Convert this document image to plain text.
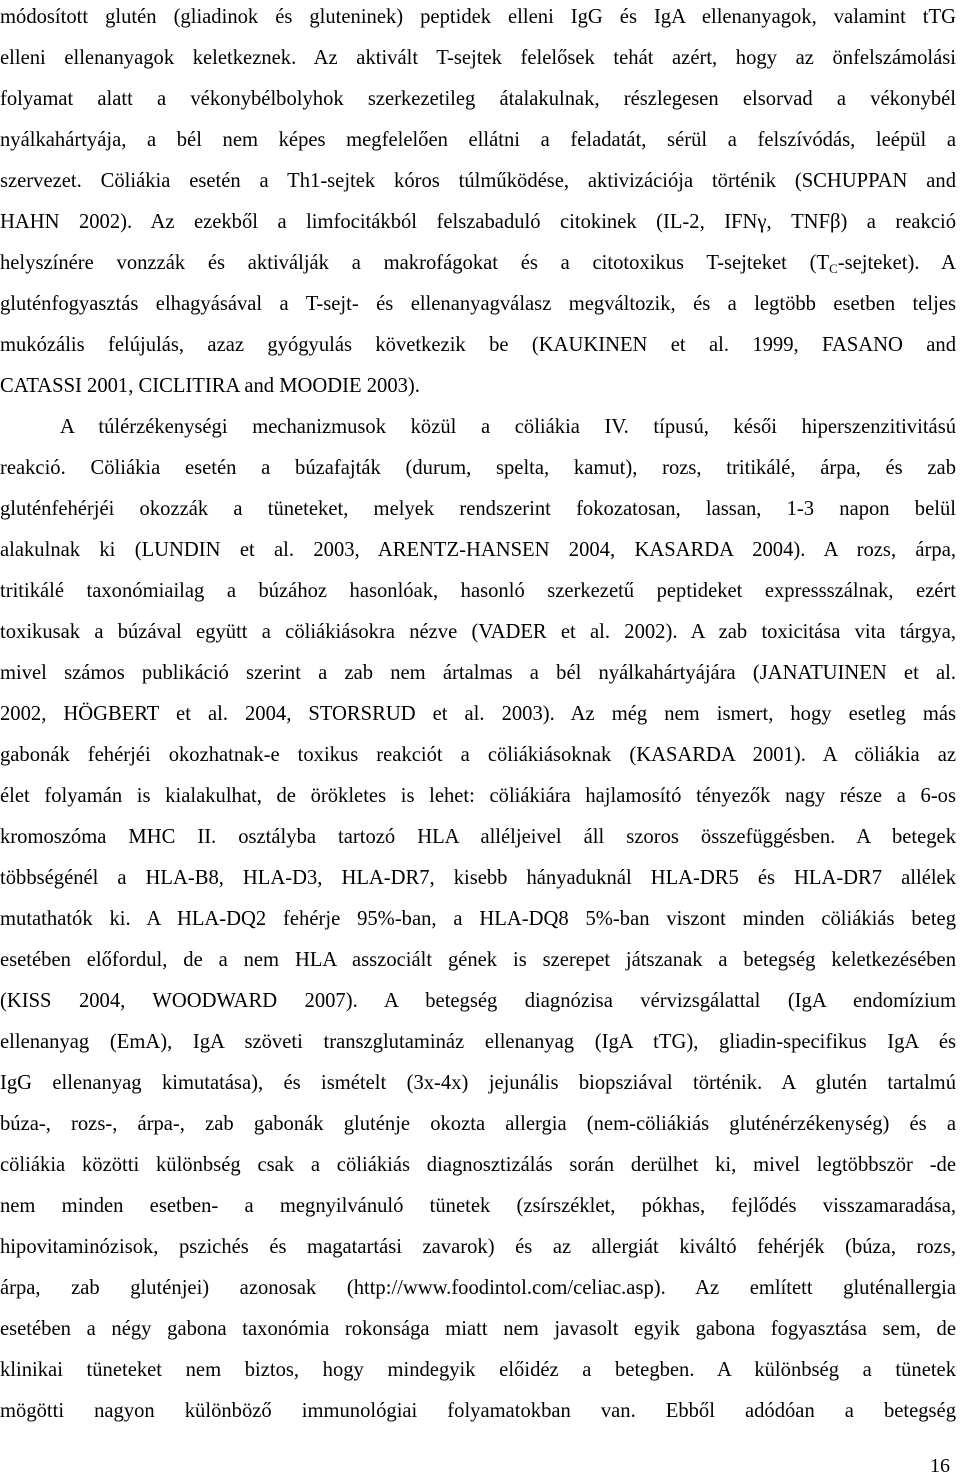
módosított glutén (gliadinok és gluteninek) peptidek elleni IgG és IgA ellenanyagok, valamint tTG
elleni ellenanyagok keletkeznek. Az aktivált T-sejtek felelősek tehát azért, hogy az önfelszámolási
folyamat alatt a vékonybélbolyhok szerkezetileg átalakulnak, részlegesen elsorvad a vékonybél
nyálkahártyája, a bél nem képes megfelelően ellátni a feladatát, sérül a felszívódás, leépül a
szervezet. Cöliákia esetén a Th1-sejtek kóros túlműködése, aktivizációja történik (SCHUPPAN and
HAHN 2002). Az ezekből a limfocitákból felszabaduló citokinek (IL-2, IFNγ, TNFβ) a reakció
helyszínére vonzzák és aktiválják a makrofágokat és a citotoxikus T-sejteket $(T_C-sejteket)$. A
gluténfogyasztás elhagyásával a T-sejt- és ellenanyagválasz megváltozik, és a legtöbb esetben teljes
mukózális felújulás, azaz gyógyulás következik be (KAUKINEN et al. 1999, FASANO and
CATASSI 2001, CICLITIRA and MOODIE 2003).
A túlérzékenységi mechanizmusok közül a cöliákia IV. típusú, késői hiperszenzitivitású
reakció. Cöliákia esetén a búzafajták (durum, spelta, kamut), rozs, tritikálé, árpa, és zab
gluténfehérjéi okozzák a tüneteket, melyek rendszerint fokozatosan, lassan, 1-3 napon belül
alakulnak ki (LUNDIN et al. 2003, ARENTZ-HANSEN 2004, KASARDA 2004). A rozs, árpa,
tritikálé taxonómiailag a búzához hasonlóak, hasonló szerkezetű peptideket expressszálnak, ezért
toxikusak a búzával együtt a cöliákiásokra nézve (VADER et al. 2002). A zab toxicitása vita tárgya,
mivel számos publikáció szerint a zab nem ártalmas a bél nyálkahártyájára (JANATUINEN et al.
2002, HÖGBERT et al. 2004, STORSRUD et al. 2003). Az még nem ismert, hogy esetleg más
gabonák fehérjéi okozhatnak-e toxikus reakciót a cöliákiásoknak (KASARDA 2001). A cöliákia az
élet folyamán is kialakulhat, de örökletes is lehet: cöliákiára hajlamosító tényezők nagy része a 6-os
kromoszóma MHC II. osztályba tartozó HLA alléljeivel áll szoros összefüggésben. A betegek
többségénél a HLA-B8, HLA-D3, HLA-DR7, kisebb hányaduknál HLA-DR5 és HLA-DR7 allélek
mutathatók ki. A HLA-DQ2 fehérje 95%-ban, a HLA-DQ8 5%-ban viszont minden cöliákiás beteg
esetében előfordul, de a nem HLA asszociált gének is szerepet játszanak a betegség keletkezésében
(KISS 2004, WOODWARD 2007). A betegség diagnózisa vérvizsgálattal (IgA endomízium
ellenanyag (EmA), IgA szöveti transzglutamináz ellenanyag (IgA tTG), gliadin-specifikus IgA és
IgG ellenanyag kimutatása), és ismételt (3x-4x) jejunális biopsziával történik. A glutén tartalmú
búza-, rozs-, árpa-, zab gabonák gluténje okozta allergia (nem-cöliákiás gluténérzékenység) és a
cöliákia közötti különbség csak a cöliákiás diagnosztizálás során derülhet ki, mivel legtöbbször -de
nem minden esetben- a megnyilvánuló tünetek (zsírszéklet, pókhas, fejlődés visszamaradása,
hipovitaminózisok, pszichés és magatartási zavarok) és az allergiát kiváltó fehérjék (búza, rozs,
árpa, zab gluténjei) azonosak (http://www.foodintol.com/celiac.asp). Az említett gluténallergia
esetében a négy gabona taxonómia rokonsága miatt nem javasolt egyik gabona fogyasztása sem, de
klinikai tüneteket nem biztos, hogy mindegyik előidéz a betegben. A különbség a tünetek
mögötti nagyon különböző immunológiai folyamatokban van. Ebből adódóan a betegség
16
